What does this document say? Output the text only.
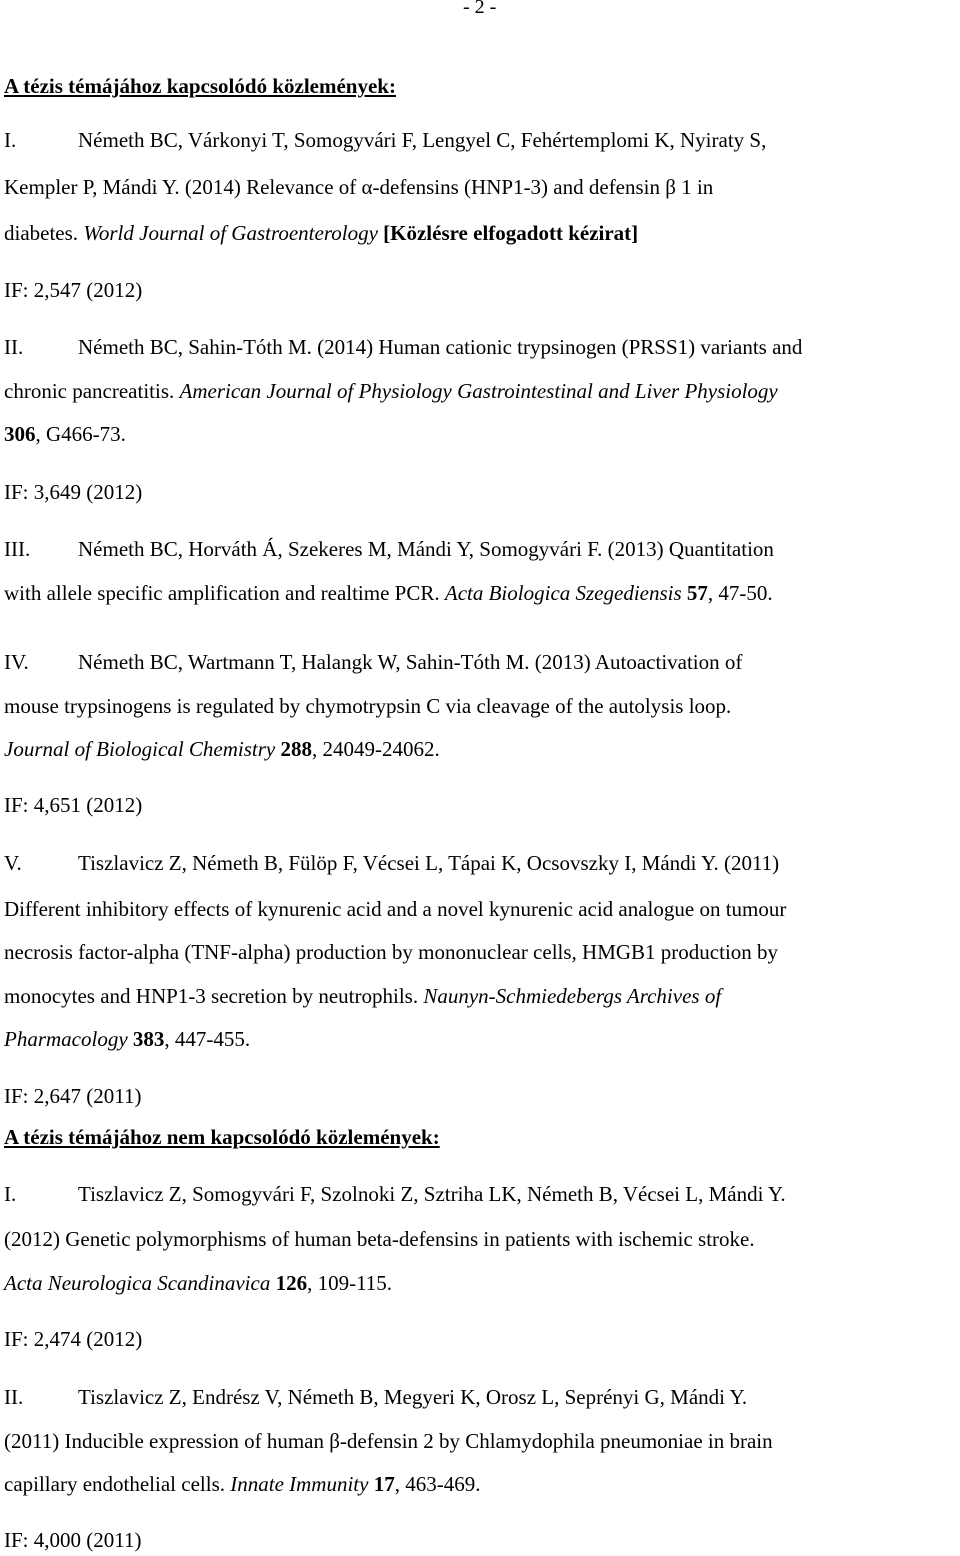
- 2 -
A tézis témájához kapcsolódó közlemények:
I.	Németh BC, Várkonyi T, Somogyvári F, Lengyel C, Fehértemplomi K, Nyiraty S,
Kempler P, Mándi Y. (2014) Relevance of α-defensins (HNP1-3) and defensin β 1 in
diabetes. World Journal of Gastroenterology [Közlésre elfogadott kézirat]
IF: 2,547 (2012)
II.	Németh BC, Sahin-Tóth M. (2014) Human cationic trypsinogen (PRSS1) variants and
chronic pancreatitis. American Journal of Physiology Gastrointestinal and Liver Physiology
306, G466-73.
IF: 3,649 (2012)
III. Németh BC, Horváth Á, Szekeres M, Mándi Y, Somogyvári F. (2013) Quantitation
with allele specific amplification and realtime PCR. Acta Biologica Szegediensis 57, 47-50.
IV. Németh BC, Wartmann T, Halangk W, Sahin-Tóth M. (2013) Autoactivation of
mouse trypsinogens is regulated by chymotrypsin C via cleavage of the autolysis loop.
Journal of Biological Chemistry 288, 24049-24062.
IF: 4,651 (2012)
V.	Tiszlavicz Z, Németh B, Fülöp F, Vécsei L, Tápai K, Ocsovszky I, Mándi Y. (2011)
Different inhibitory effects of kynurenic acid and a novel kynurenic acid analogue on tumour
necrosis factor-alpha (TNF-alpha) production by mononuclear cells, HMGB1 production by
monocytes and HNP1-3 secretion by neutrophils. Naunyn-Schmiedebergs Archives of
Pharmacology 383, 447-455.
IF: 2,647 (2011)
A tézis témájához nem kapcsolódó közlemények:
I.	Tiszlavicz Z, Somogyvári F, Szolnoki Z, Sztriha LK, Németh B, Vécsei L, Mándi Y.
(2012) Genetic polymorphisms of human beta-defensins in patients with ischemic stroke.
Acta Neurologica Scandinavica 126, 109-115.
IF: 2,474 (2012)
II.	Tiszlavicz Z, Endrész V, Németh B, Megyeri K, Orosz L, Seprényi G, Mándi Y.
(2011) Inducible expression of human β-defensin 2 by Chlamydophila pneumoniae in brain
capillary endothelial cells. Innate Immunity 17, 463-469.
IF: 4,000 (2011)
